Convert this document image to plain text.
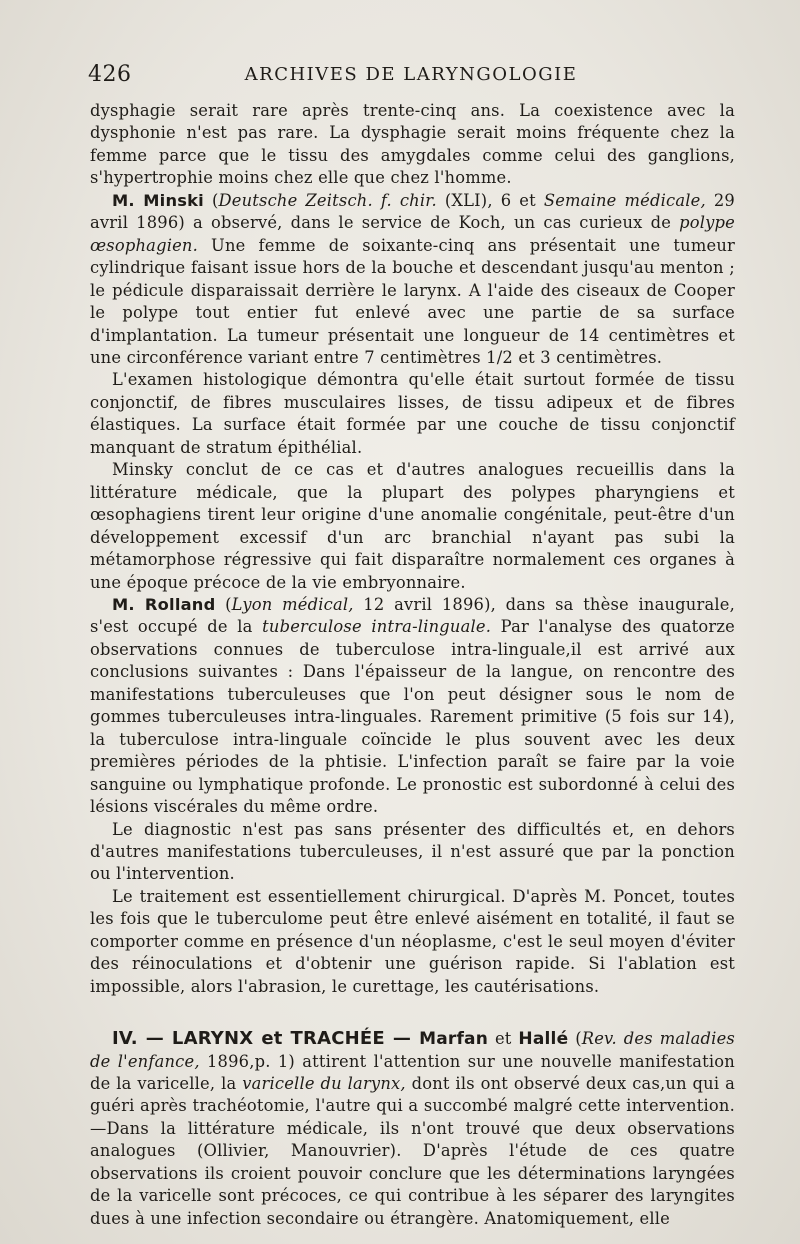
426	ARCHIVES DE LARYNGOLOGIE

dysphagie serait rare après trente-cinq ans. La coexistence avec la dysphonie n'est pas rare. La dysphagie serait moins fréquente chez la femme parce que le tissu des amygdales comme celui des ganglions, s'hypertrophie moins chez elle que chez l'homme.

M. Minski (Deutsche Zeitsch. f. chir. (XLI), 6 et Semaine médicale, 29 avril 1896) a observé, dans le service de Koch, un cas curieux de polype œsophagien. Une femme de soixante-cinq ans présentait une tumeur cylindrique faisant issue hors de la bouche et descendant jusqu'au menton ; le pédicule disparaissait derrière le larynx. A l'aide des ciseaux de Cooper le polype tout entier fut enlevé avec une partie de sa surface d'implantation. La tumeur présentait une longueur de 14 centimètres et une circonférence variant entre 7 centimètres 1/2 et 3 centimètres.

L'examen histologique démontra qu'elle était surtout formée de tissu conjonctif, de fibres musculaires lisses, de tissu adipeux et de fibres élastiques. La surface était formée par une couche de tissu conjonctif manquant de stratum épithélial.

Minsky conclut de ce cas et d'autres analogues recueillis dans la littérature médicale, que la plupart des polypes pharyngiens et œsophagiens tirent leur origine d'une anomalie congénitale, peut-être d'un développement excessif d'un arc branchial n'ayant pas subi la métamorphose régressive qui fait disparaître normalement ces organes à une époque précoce de la vie embryonnaire.

M. Rolland (Lyon médical, 12 avril 1896), dans sa thèse inaugurale, s'est occupé de la tuberculose intra-linguale. Par l'analyse des quatorze observations connues de tuberculose intra-linguale,il est arrivé aux conclusions suivantes : Dans l'épaisseur de la langue, on rencontre des manifestations tuberculeuses que l'on peut désigner sous le nom de gommes tuberculeuses intra-linguales. Rarement primitive (5 fois sur 14), la tuberculose intra-linguale coïncide le plus souvent avec les deux premières périodes de la phtisie. L'infection paraît se faire par la voie sanguine ou lymphatique profonde. Le pronostic est subordonné à celui des lésions viscérales du même ordre.

Le diagnostic n'est pas sans présenter des difficultés et, en dehors d'autres manifestations tuberculeuses, il n'est assuré que par la ponction ou l'intervention.

Le traitement est essentiellement chirurgical. D'après M. Poncet, toutes les fois que le tuberculome peut être enlevé aisément en totalité, il faut se comporter comme en présence d'un néoplasme, c'est le seul moyen d'éviter des réinoculations et d'obtenir une guérison rapide. Si l'ablation est impossible, alors l'abrasion, le curettage, les cautérisations.

IV. — LARYNX et TRACHÉE — Marfan et Hallé (Rev. des maladies de l'enfance, 1896,p. 1) attirent l'attention sur une nouvelle manifestation de la varicelle, la varicelle du larynx, dont ils ont observé deux cas,un qui a guéri après trachéotomie, l'autre qui a succombé malgré cette intervention. —Dans la littérature médicale, ils n'ont trouvé que deux observations analogues (Ollivier, Manouvrier). D'après l'étude de ces quatre observations ils croient pouvoir conclure que les déterminations laryngées de la varicelle sont précoces, ce qui contribue à les séparer des laryngites dues à une infection secondaire ou étrangère. Anatomiquement, elle
